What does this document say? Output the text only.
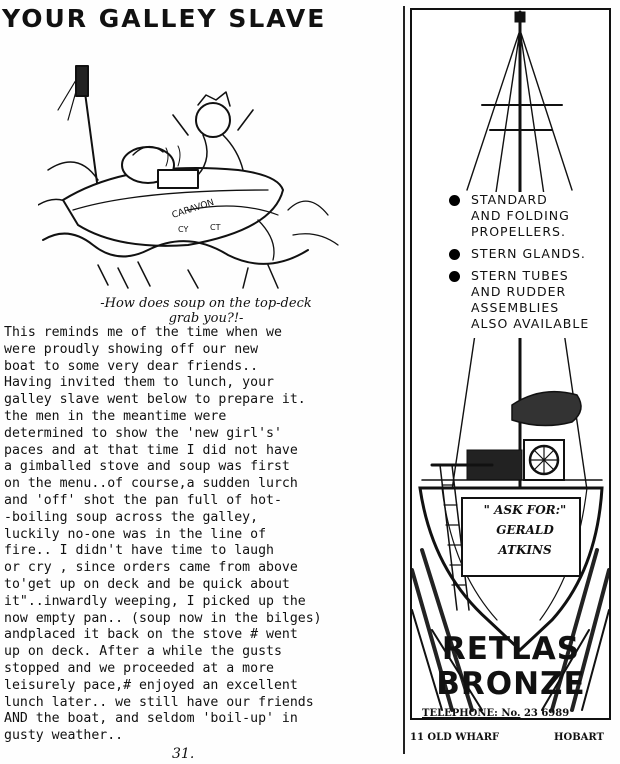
YOUR GALLEY SLAVE
CARAVON
CY	CT
-How does soup on the top-deck
grab you?!-
This reminds me of the time when we
were proudly showing off our new
boat to some very dear friends..
Having invited them to lunch, your
galley slave went below to prepare it.
the men in the meantime were
determined to show the 'new girl's'
paces and at that time I did not have
a gimballed stove and soup was first
on the menu..of course,a sudden lurch
and 'off' shot the pan full of hot-
-boiling soup across the galley,
luckily no-one was in the line of
fire.. I didn't have time to laugh
or cry , since orders came from above
to'get up on deck and be quick about
it"..inwardly weeping, I picked up the
now empty pan.. (soup now in the bilges)
andplaced it back on the stove # went
up on deck. After a while the gusts
stopped and we proceeded at a more
leisurely pace,# enjoyed an excellent
lunch later.. we still have our friends
AND the boat, and seldom 'boil-up' in
gusty weather..
31.
STANDARD
AND FOLDING
PROPELLERS.
STERN GLANDS.
STERN TUBES
AND RUDDER
ASSEMBLIES
ALSO AVAILABLE
" ASK FOR:"
GERALD
ATKINS
RETLAS
BRONZE
TELEPHONE: No. 23 6989
11 OLD WHARF	HOBART
